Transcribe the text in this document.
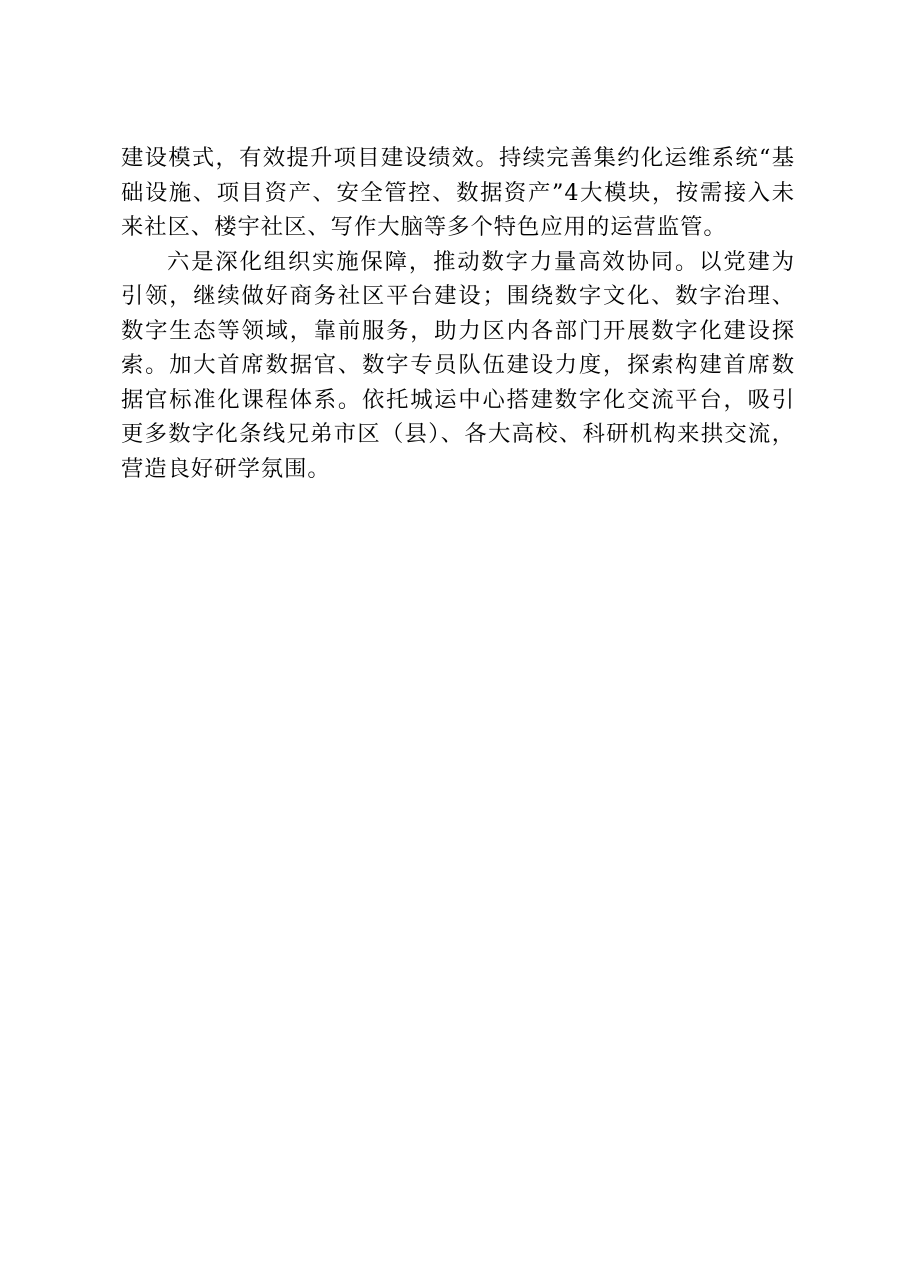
建设模式，有效提升项目建设绩效。持续完善集约化运维系统“基础设施、项目资产、安全管控、数据资产”4大模块，按需接入未来社区、楼宇社区、写作大脑等多个特色应用的运营监管。

六是深化组织实施保障，推动数字力量高效协同。以党建为引领，继续做好商务社区平台建设；围绕数字文化、数字治理、数字生态等领域，靠前服务，助力区内各部门开展数字化建设探索。加大首席数据官、数字专员队伍建设力度，探索构建首席数据官标准化课程体系。依托城运中心搭建数字化交流平台，吸引更多数字化条线兄弟市区（县）、各大高校、科研机构来拱交流，营造良好研学氛围。
